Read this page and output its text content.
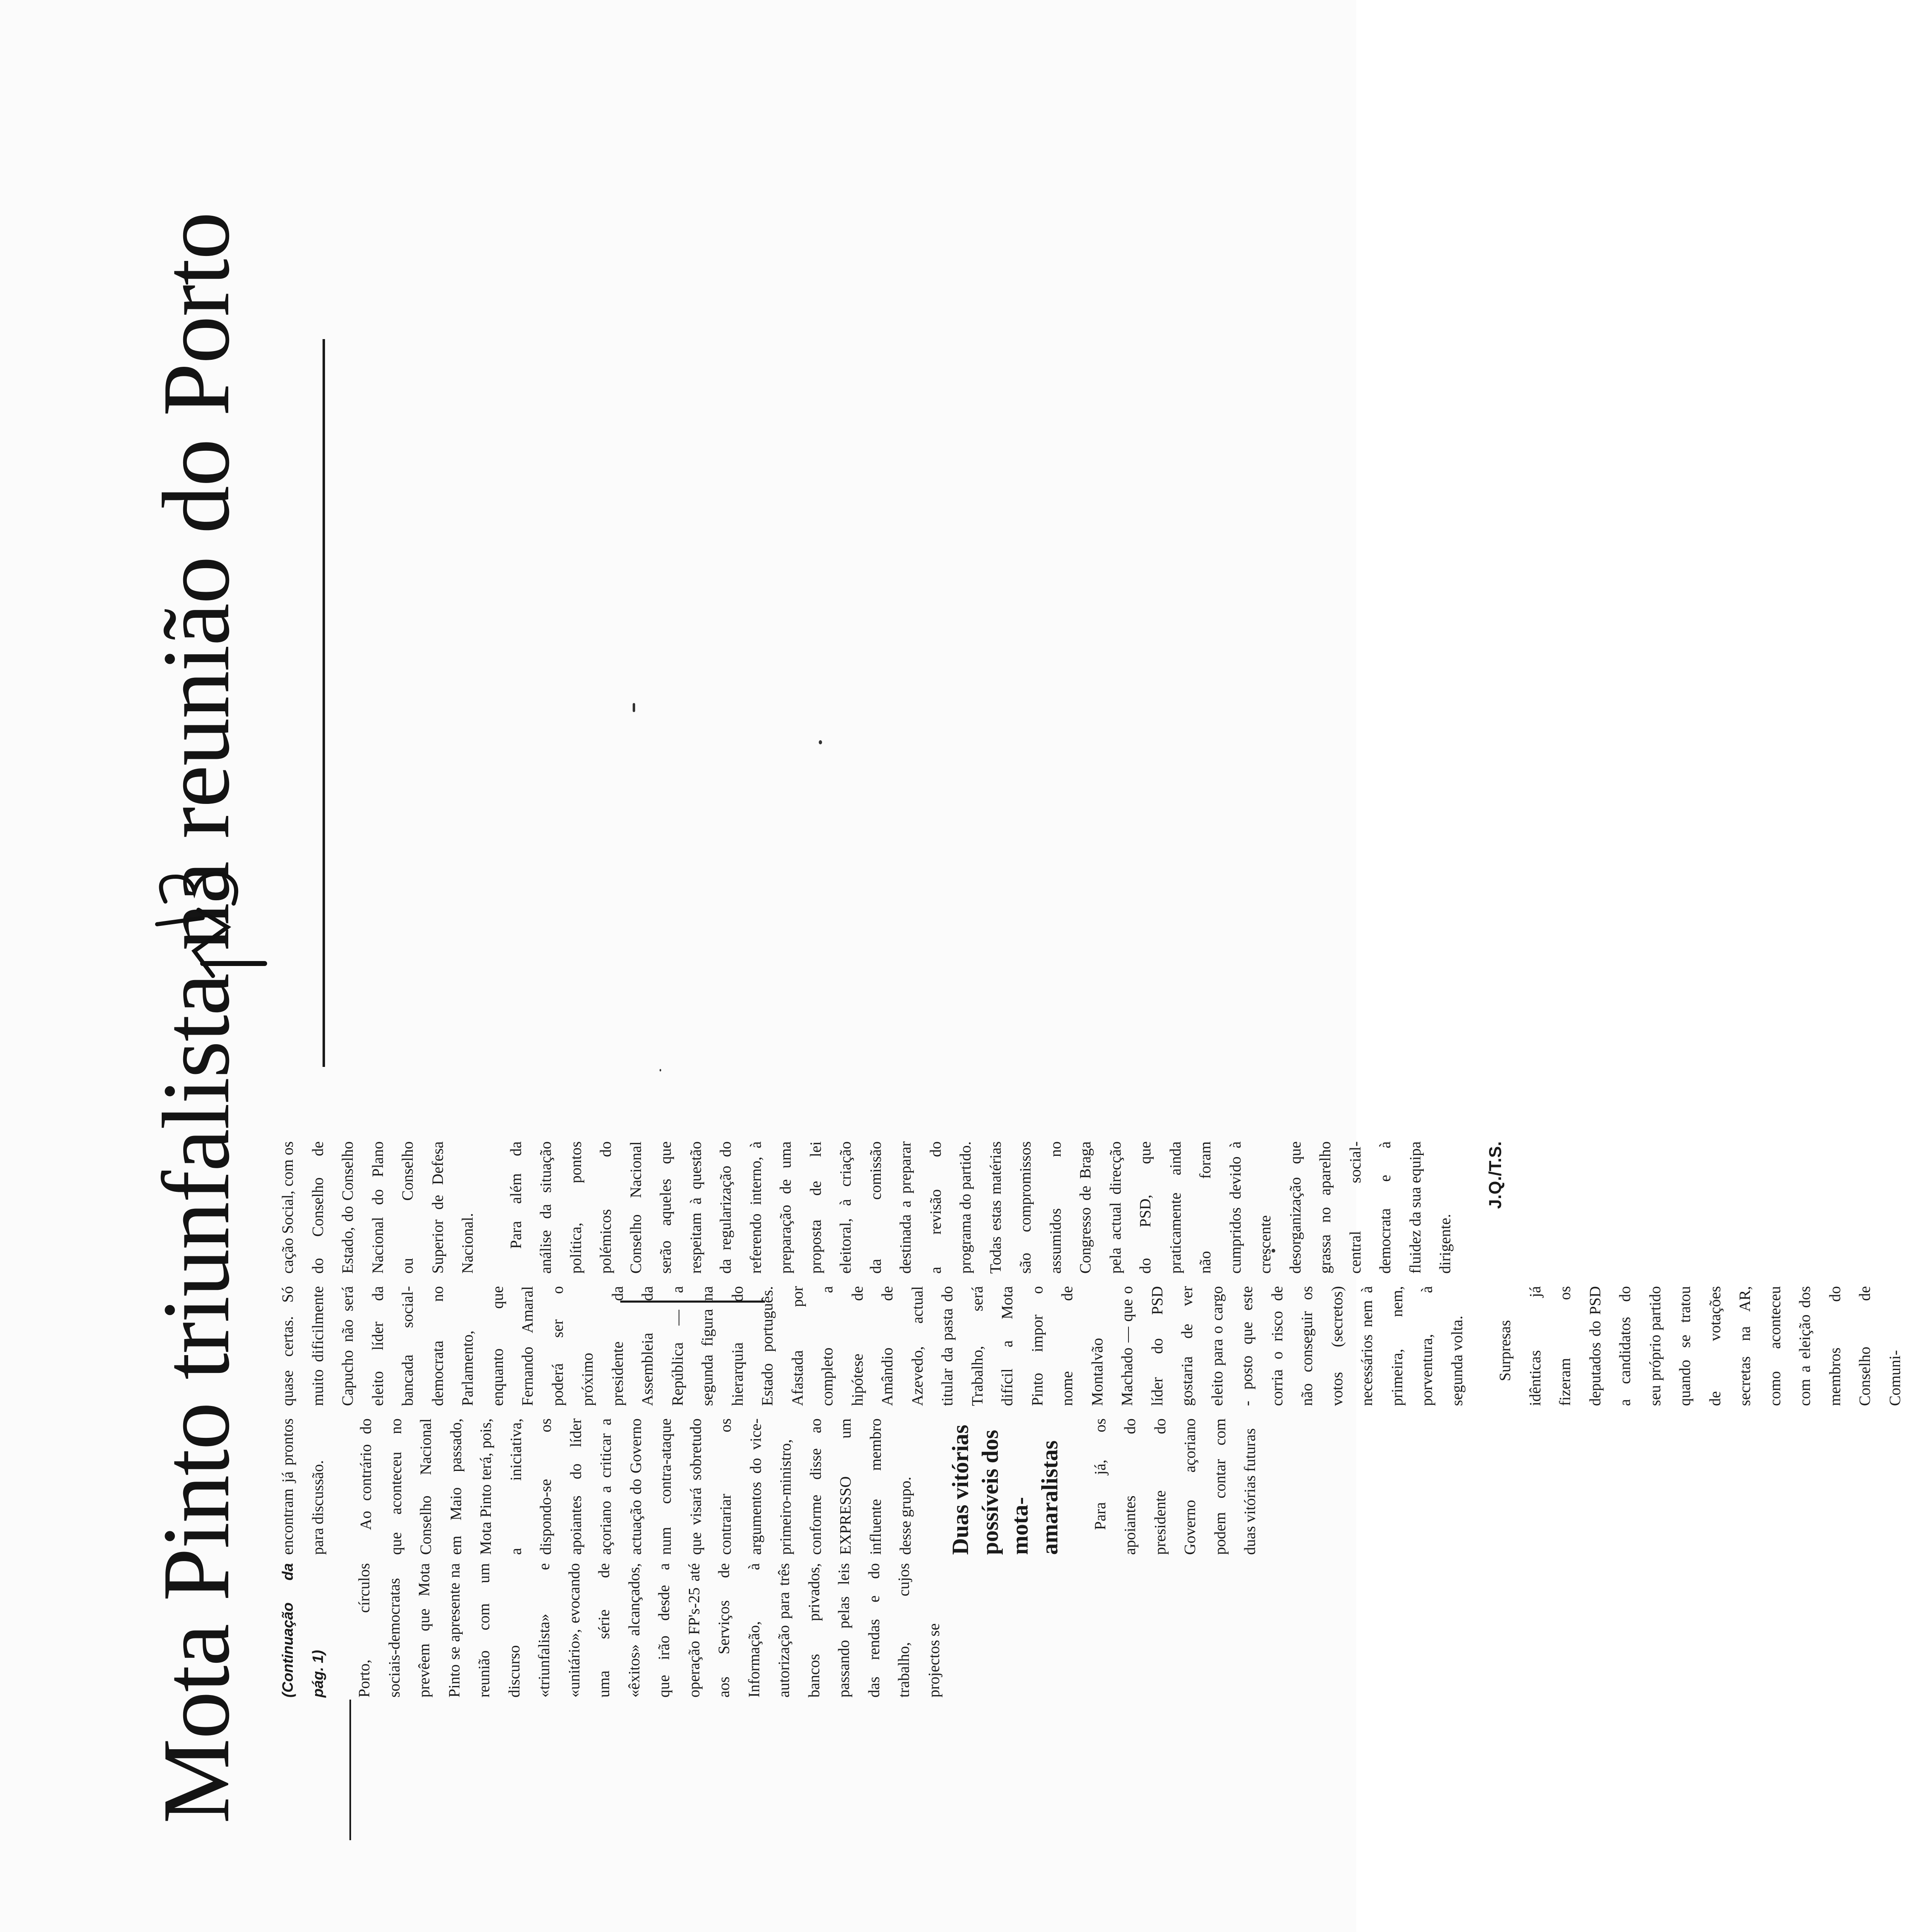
Mota Pinto triunfalista na reunião do Porto	(Continuação da pág. 1)	Porto, círculos sociais-democratas prevêem que Mota Pinto se apresente na reunião com um discurso «triunfalista» e «unitário», evocando uma série de «êxitos» alcançados, que irão desde a operação FP's-25 até aos Serviços de Informação, à autorização para três bancos privados, passando pelas leis das rendas e do trabalho, cujos projectos se

encontram já prontos para discussão.	Ao contrário do que aconteceu no Conselho Nacional em Maio passado, Mota Pinto terá, pois, a iniciativa, dispondo-se os apoiantes do líder açoriano a criticar a actuação do Governo num contra-ataque que visará sobretudo contrariar os argumentos do vice-primeiro-ministro, conforme disse ao EXPRESSO um influente membro desse grupo. Duas vitórias possíveis dos mota-amaralistas	Para já, os apoiantes do presidente do Governo açoriano podem contar com duas vitórias futuras

quase certas. Só muito dificilmente Capucho não será eleito líder da bancada social-democrata no Parlamento, enquanto que Fernando Amaral poderá ser o próximo presidente da Assembleia da República — a segunda figura na hierarquia do Estado português. Afastada por completo a hipótese de Amândio de Azevedo, actual titular da pasta do Trabalho, será difícil a Mota Pinto impor o nome de Montalvão Machado — que o líder do PSD gostaria de ver eleito para o cargo - posto que este corria o risco de não conseguir os votos (secretos) necessários nem à primeira, nem, porventura, à segunda volta.	Surpresas idênticas já fizeram os deputados do PSD a candidatos do seu próprio partido quando se tratou de votações secretas na AR, como aconteceu com a eleição dos membros do Conselho de Comuni-

cação Social, com os do Conselho de Estado, do Conselho Nacional do Plano ou Conselho Superior de Defesa Nacional.	Para além da análise da situação política, pontos polémicos do Conselho Nacional serão aqueles que respeitam à questão da regularização do referendo interno, à preparação de uma proposta de lei eleitoral, à criação da comissão destinada a preparar a revisão do programa do partido. Todas estas matérias são compromissos assumidos no Congresso de Braga pela actual direcção do PSD, que praticamente ainda não foram cumpridos devido à crescente desorganização que grassa no aparelho central social-democrata e à fluidez da sua equipa dirigente.

J.Q./T.S.
